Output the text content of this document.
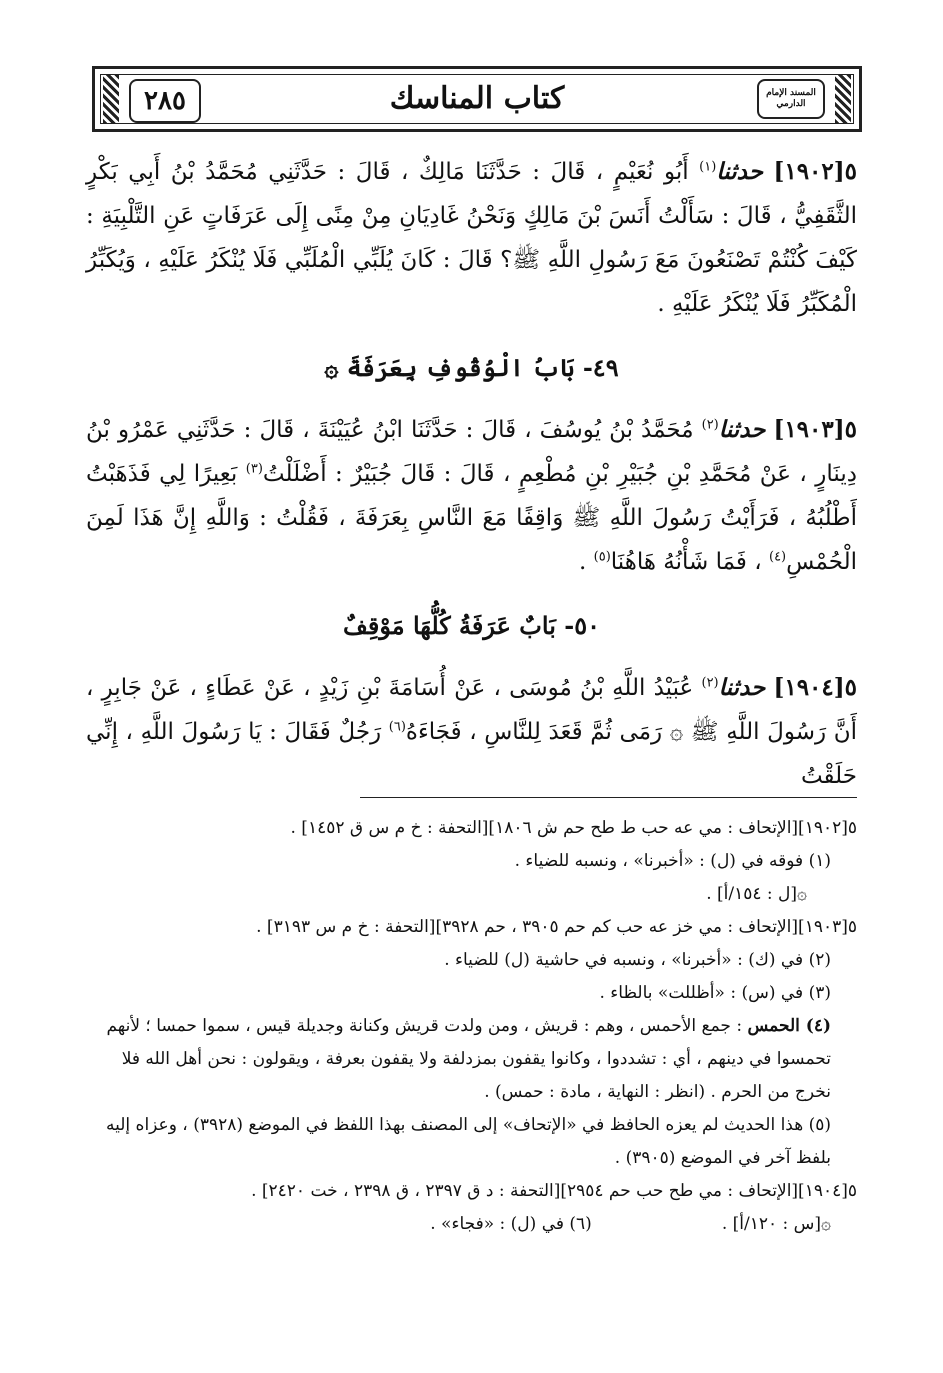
٢٨٥	كتاب المناسك	المسند الإمام الدارمي

٥[١٩٠٢] حدثنا$^{(١)}$ أَبُو نُعَيْمٍ ، قَالَ : حَدَّثَنَا مَالِكٌ ، قَالَ : حَدَّثَنِي مُحَمَّدُ بْنُ أَبِي بَكْرٍ الثَّقَفِيُّ ، قَالَ : سَأَلْتُ أَنَسَ بْنَ مَالِكٍ وَنَحْنُ غَادِيَانِ مِنْ مِنًى إِلَى عَرَفَاتٍ عَنِ التَّلْبِيَةِ : كَيْفَ كُنْتُمْ تَصْنَعُونَ مَعَ رَسُولِ اللَّهِ ﷺ؟ قَالَ : كَانَ يُلَبِّي الْمُلَبِّي فَلَا يُنْكَرُ عَلَيْهِ ، وَيُكَبِّرُ الْمُكَبِّرُ فَلَا يُنْكَرُ عَلَيْهِ .

٤٩- بَابُ الْوُقُوفِ بِعَرَفَةَ ۞

٥[١٩٠٣] حدثنا$^{(٢)}$ مُحَمَّدُ بْنُ يُوسُفَ ، قَالَ : حَدَّثَنَا ابْنُ عُيَيْنَةَ ، قَالَ : حَدَّثَنِي عَمْرُو بْنُ دِينَارٍ ، عَنْ مُحَمَّدِ بْنِ جُبَيْرِ بْنِ مُطْعِمٍ ، قَالَ : قَالَ جُبَيْرٌ : أَضْلَلْتُ$^{(٣)}$ بَعِيرًا لِي فَذَهَبْتُ أَطْلُبُهُ ، فَرَأَيْتُ رَسُولَ اللَّهِ ﷺ وَاقِفًا مَعَ النَّاسِ بِعَرَفَةَ ، فَقُلْتُ : وَاللَّهِ إِنَّ هَذَا لَمِنَ الْحُمْسِ$^{(٤)}$ ، فَمَا شَأْنُهُ هَاهُنَا$^{(٥)}$ .

٥٠- بَابٌ عَرَفَةُ كُلُّهَا مَوْقِفٌ

٥[١٩٠٤] حدثنا$^{(٢)}$ عُبَيْدُ اللَّهِ بْنُ مُوسَى ، عَنْ أُسَامَةَ بْنِ زَيْدٍ ، عَنْ عَطَاءٍ ، عَنْ جَابِرٍ ، أَنَّ رَسُولَ اللَّهِ ﷺ ۞ رَمَى ثُمَّ قَعَدَ لِلنَّاسِ ، فَجَاءَهُ$^{(٦)}$ رَجُلٌ فَقَالَ : يَا رَسُولَ اللَّهِ ، إِنِّي حَلَقْتُ

٥[١٩٠٢][الإتحاف : مي عه حب ط طح حم ش ١٨٠٦][التحفة : خ م س ق ١٤٥٢] .

(١) فوقه في (ل) : «أخبرنا» ، ونسبه للضياء .

۞[ل : ١٥٤/أ] .

٥[١٩٠٣][الإتحاف : مي خز عه حب كم حم ٣٩٠٥ ، حم ٣٩٢٨][التحفة : خ م س ٣١٩٣] .

(٢) في (ك) : «أخبرنا» ، ونسبه في حاشية (ل) للضياء .

(٣) في (س) : «أظللت» بالظاء .

(٤) الحمس : جمع الأحمس ، وهم : قريش ، ومن ولدت قريش وكنانة وجديلة قيس ، سموا حمسا ؛ لأنهم تحمسوا في دينهم ، أي : تشددوا ، وكانوا يقفون بمزدلفة ولا يقفون بعرفة ، ويقولون : نحن أهل الله فلا نخرج من الحرم . (انظر : النهاية ، مادة : حمس) .

(٥) هذا الحديث لم يعزه الحافظ في «الإتحاف» إلى المصنف بهذا اللفظ في الموضع (٣٩٢٨) ، وعزاه إليه بلفظ آخر في الموضع (٣٩٠٥) .

٥[١٩٠٤][الإتحاف : مي طح حب حم ٢٩٥٤][التحفة : د ق ٢٣٩٧ ، ق ٢٣٩٨ ، خت ٢٤٢٠] .

۞[س : ١٢٠/أ] .
(٦) في (ل) : «فجاء» .
